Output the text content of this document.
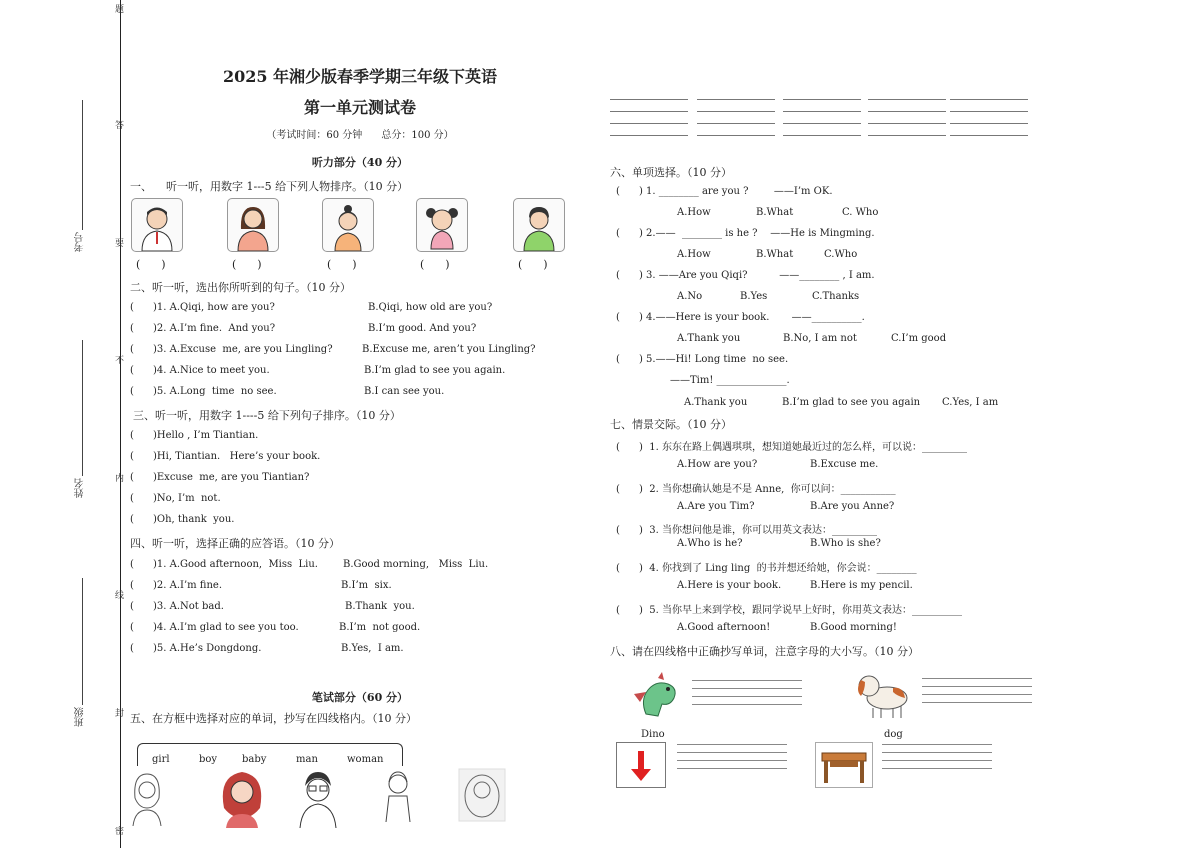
题
答
要
不
内
线
封
密
考号
姓名
班级
2025 年湘少版春季学期三年级下英语
第一单元测试卷
（考试时间：60 分钟      总分：100 分）
听力部分（40 分）
一、    听一听，用数字 1---5 给下列人物排序。（10 分）
(      )	(      )	(      )	(      )	(      )
二、听一听，选出你所听到的句子。（10 分）
(      )1. A.Qiqi, how are you?	B.Qiqi, how old are you?
(      )2. A.I’m fine.  And you?	B.I’m good. And you?
(      )3. A.Excuse  me, are you Lingling?	B.Excuse me, aren’t you Lingling?
(      )4. A.Nice to meet you.	B.I’m glad to see you again.
(      )5. A.Long  time  no see.	B.I can see you.
三、听一听，用数字 1----5 给下列句子排序。（10 分）
(      )Hello , I’m Tiantian.
(      )Hi, Tiantian.   Here’s your book.
(      )Excuse  me, are you Tiantian?
(      )No, I’m  not.
(      )Oh, thank  you.
四、听一听，选择正确的应答语。（10 分）
(      )1. A.Good afternoon,  Miss  Liu.	B.Good morning,   Miss  Liu.
(      )2. A.I’m fine.	B.I’m  six.
(      )3. A.Not bad.	B.Thank  you.
(      )4. A.I’m glad to see you too.	B.I’m  not good.
(      )5. A.He’s Dongdong.	B.Yes,  I am.
笔试部分（60 分）
五、在方框中选择对应的单词，抄写在四线格内。（10 分）
girl	boy baby	man	woman
六、单项选择。（10 分）
(      ) 1. ________ are you ?        ——I’m OK.
A.How	B.What	C. Who
(      ) 2.——  ________ is he ?    ——He is Mingming.
A.How	B.What	C.Who
(      ) 3. ——Are you Qiqi?          ——________ , I am.
A.No	B.Yes	C.Thanks
(      ) 4.——Here is your book.       ——__________.
A.Thank you	B.No, I am not	C.I’m good
(      ) 5.——Hi! Long time  no see.
——Tim! ______________.
A.Thank you	B.I’m glad to see you again C.Yes, I am
七、情景交际。（10 分）
(      )  1. 东东在路上偶遇琪琪，想知道她最近过的怎么样，可以说：_________
A.How are you?	B.Excuse me.
(      )  2. 当你想确认她是不是 Anne,  你可以问：___________
A.Are you Tim?	B.Are you Anne?
(      )  3. 当你想问他是谁，你可以用英文表达：_________
A.Who is he?	B.Who is she?
(      )  4. 你找到了 Ling ling  的书并想还给她，你会说：________
A.Here is your book.	B.Here is my pencil.
(      )  5. 当你早上来到学校，跟同学说早上好时，你用英文表达：__________
A.Good afternoon!	B.Good morning!
八、请在四线格中正确抄写单词，注意字母的大小写。（10 分）
Dino	dog
